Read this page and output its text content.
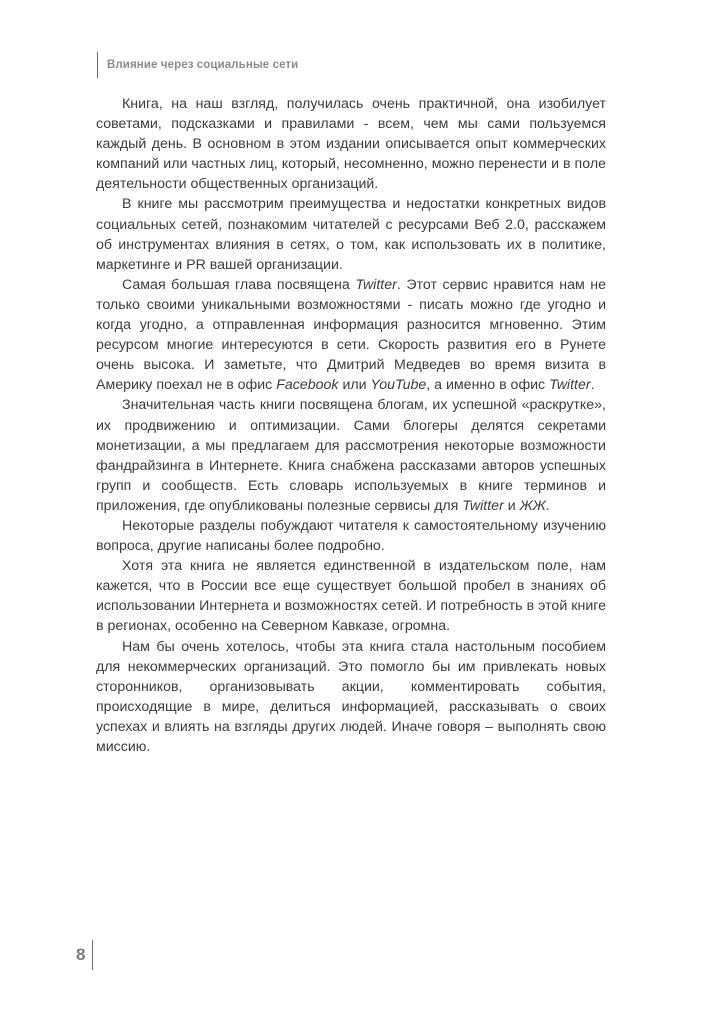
Влияние через социальные сети

Книга, на наш взгляд, получилась очень практичной, она изобилует советами, подсказками и правилами - всем, чем мы сами пользуемся каждый день. В основном в этом издании описывается опыт коммерческих компаний или частных лиц, который, несомненно, можно перенести и в поле деятельности общественных организаций.

В книге мы рассмотрим преимущества и недостатки конкретных видов социальных сетей, познакомим читателей с ресурсами Веб 2.0, расскажем об инструментах влияния в сетях, о том, как использовать их в политике, маркетинге и PR вашей организации.

Самая большая глава посвящена Twitter. Этот сервис нравится нам не только своими уникальными возможностями - писать можно где угодно и когда угодно, а отправленная информация разносится мгновенно. Этим ресурсом многие интересуются в сети. Скорость развития его в Рунете очень высока. И заметьте, что Дмитрий Медведев во время визита в Америку поехал не в офис Facebook или YouTube, а именно в офис Twitter.

Значительная часть книги посвящена блогам, их успешной «раскрутке», их продвижению и оптимизации. Сами блогеры делятся секретами монетизации, а мы предлагаем для рассмотрения некоторые возможности фандрайзинга в Интернете. Книга снабжена рассказами авторов успешных групп и сообществ. Есть словарь используемых в книге терминов и приложения, где опубликованы полезные сервисы для Twitter и ЖЖ.

Некоторые разделы побуждают читателя к самостоятельному изучению вопроса, другие написаны более подробно.

Хотя эта книга не является единственной в издательском поле, нам кажется, что в России все еще существует большой пробел в знаниях об использовании Интернета и возможностях сетей. И потребность в этой книге в регионах, особенно на Северном Кавказе, огромна.

Нам бы очень хотелось, чтобы эта книга стала настольным пособием для некоммерческих организаций. Это помогло бы им привлекать новых сторонников, организовывать акции, комментировать события, происходящие в мире, делиться информацией, рассказывать о своих успехах и влиять на взгляды других людей. Иначе говоря – выполнять свою миссию.

8
